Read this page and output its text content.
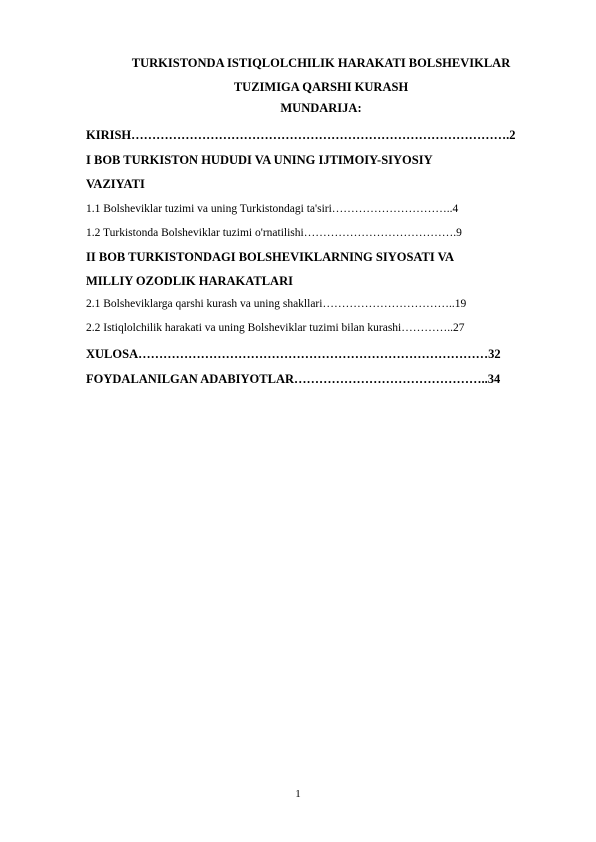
TURKISTONDA ISTIQLOLCHILIK HARAKATI BOLSHEVIKLAR
TUZIMIGA QARSHI KURASH
MUNDARIJA:
KIRISH……………………………………………………………………………….2
I BOB TURKISTON HUDUDI VA UNING IJTIMOIY-SIYOSIY
VAZIYATI
1.1 Bolsheviklar tuzimi va uning Turkistondagi ta'siri…………………………..4
1.2 Turkistonda Bolsheviklar tuzimi o'rnatilishi………………………………….9
II BOB TURKISTONDAGI BOLSHEVIKLARNING SIYOSATI VA
MILLIY OZODLIK HARAKATLARI
2.1 Bolsheviklarga qarshi kurash va uning shakllari……………………………..19
2.2 Istiqlolchilik harakati va uning Bolsheviklar tuzimi bilan kurashi…………..27
XULOSA…………………………………………………………………………32
FOYDALANILGAN ADABIYOTLAR………………………………………..34
1
